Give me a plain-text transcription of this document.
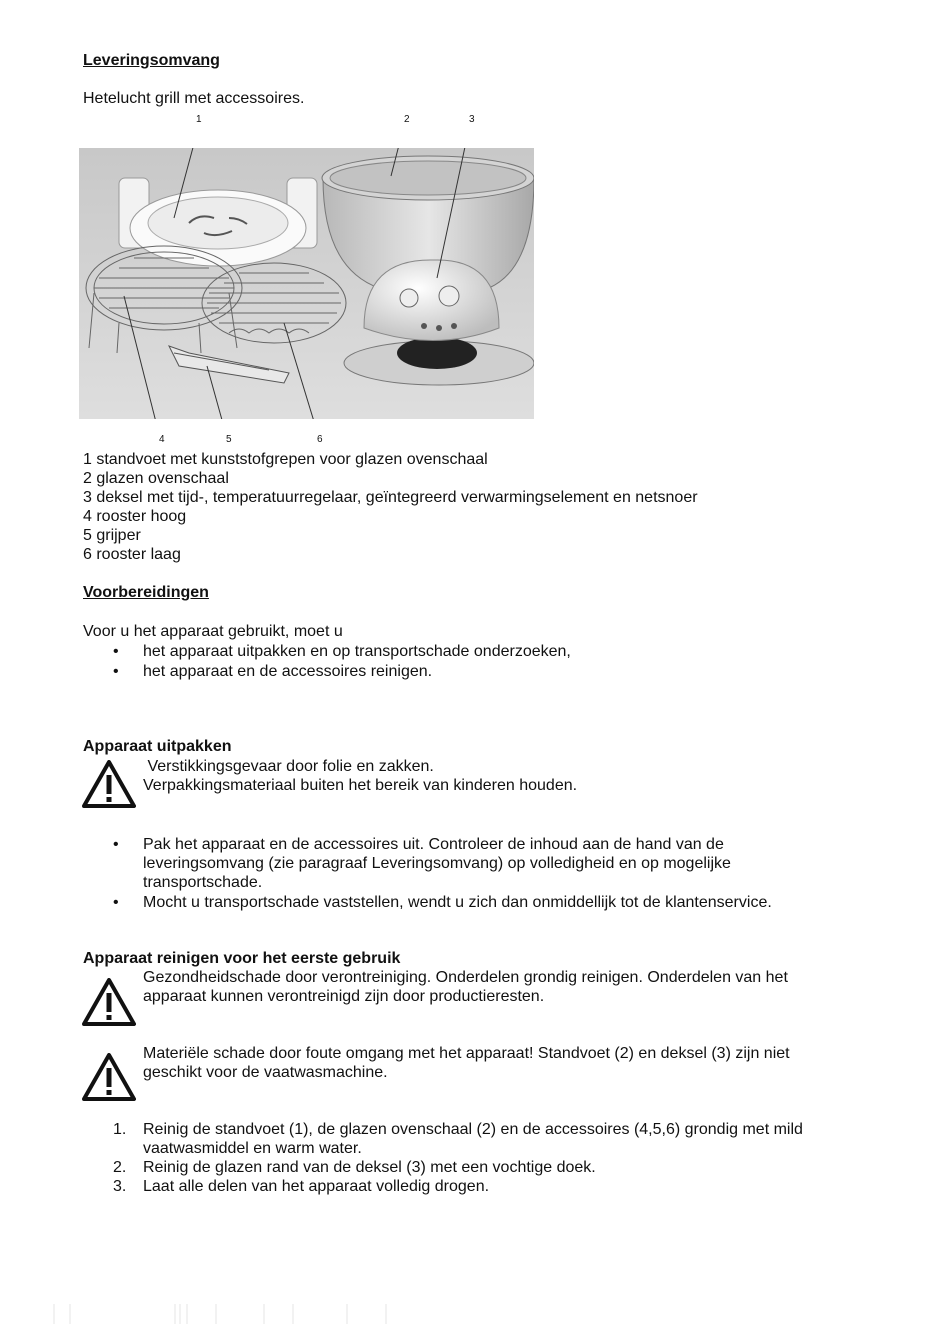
Leveringsomvang
Hetelucht grill met accessoires.
1	2	3
4	5	6
1 standvoet met kunststofgrepen voor glazen ovenschaal
2 glazen ovenschaal
3 deksel met tijd-, temperatuurregelaar, geïntegreerd verwarmingselement en netsnoer
4 rooster hoog
5 grijper
6 rooster laag
Voorbereidingen
Voor u het apparaat gebruikt, moet u
• het apparaat uitpakken en op transportschade onderzoeken,
• het apparaat en de accessoires reinigen.
Apparaat uitpakken
Verstikkingsgevaar door folie en zakken.
Verpakkingsmateriaal buiten het bereik van kinderen houden.
• Pak het apparaat en de accessoires uit. Controleer de inhoud aan de hand van de
leveringsomvang (zie paragraaf Leveringsomvang) op volledigheid en op mogelijke
transportschade.
• Mocht u transportschade vaststellen, wendt u zich dan onmiddellijk tot de klantenservice.
Apparaat reinigen voor het eerste gebruik
Gezondheidschade door verontreiniging. Onderdelen grondig reinigen. Onderdelen van het
apparaat kunnen verontreinigd zijn door productieresten.
Materiële schade door foute omgang met het apparaat! Standvoet (2) en deksel (3) zijn niet
geschikt voor de vaatwasmachine.
1. Reinig de standvoet (1), de glazen ovenschaal (2) en de accessoires (4,5,6) grondig met mild
vaatwasmiddel en warm water.
2. Reinig de glazen rand van de deksel (3) met een vochtige doek.
3. Laat alle delen van het apparaat volledig drogen.
